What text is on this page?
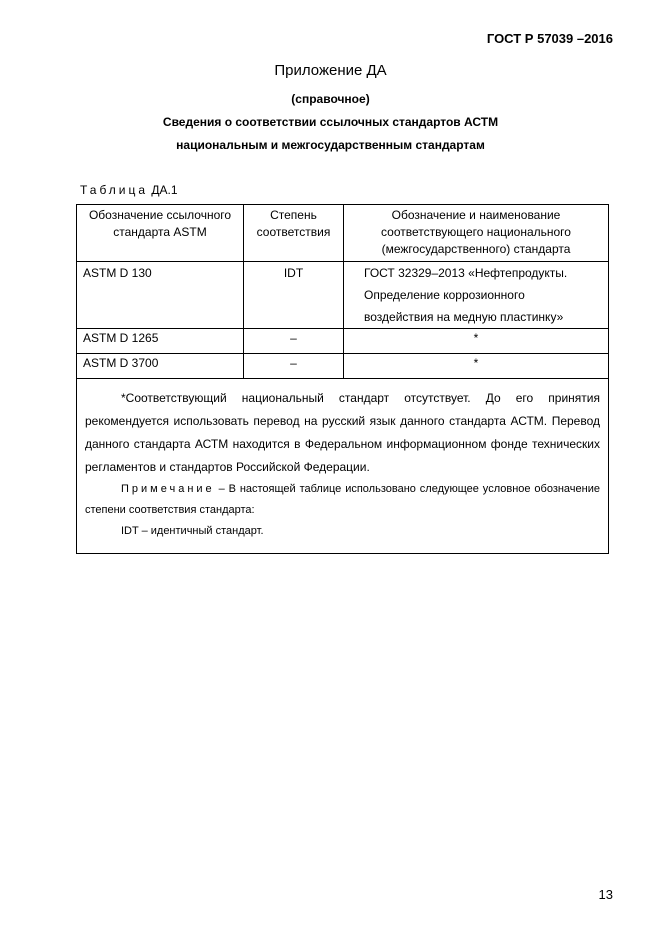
ГОСТ Р 57039 –2016
Приложение ДА
(справочное)
Сведения о соответствии ссылочных стандартов АСТМ
национальным и межгосударственным стандартам
Таблица ДА.1
Обозначение ссылочного стандарта ASTM	Степень соответствия	Обозначение и наименование соответствующего национального (межгосударственного) стандарта
ASTM D 130	IDT	ГОСТ 32329–2013 «Нефтепродукты. Определение коррозионного воздействия на медную пластинку»
ASTM D 1265	–	*
ASTM D 3700	–	*

*Соответствующий национальный стандарт отсутствует. До его принятия рекомендуется использовать перевод на русский язык данного стандарта АСТМ. Перевод данного стандарта АСТМ находится в Федеральном информационном фонде технических регламентов и стандартов Российской Федерации.

Примечание – В настоящей таблице использовано следующее условное обозначение степени соответствия стандарта:

IDT – идентичный стандарт.		

13
